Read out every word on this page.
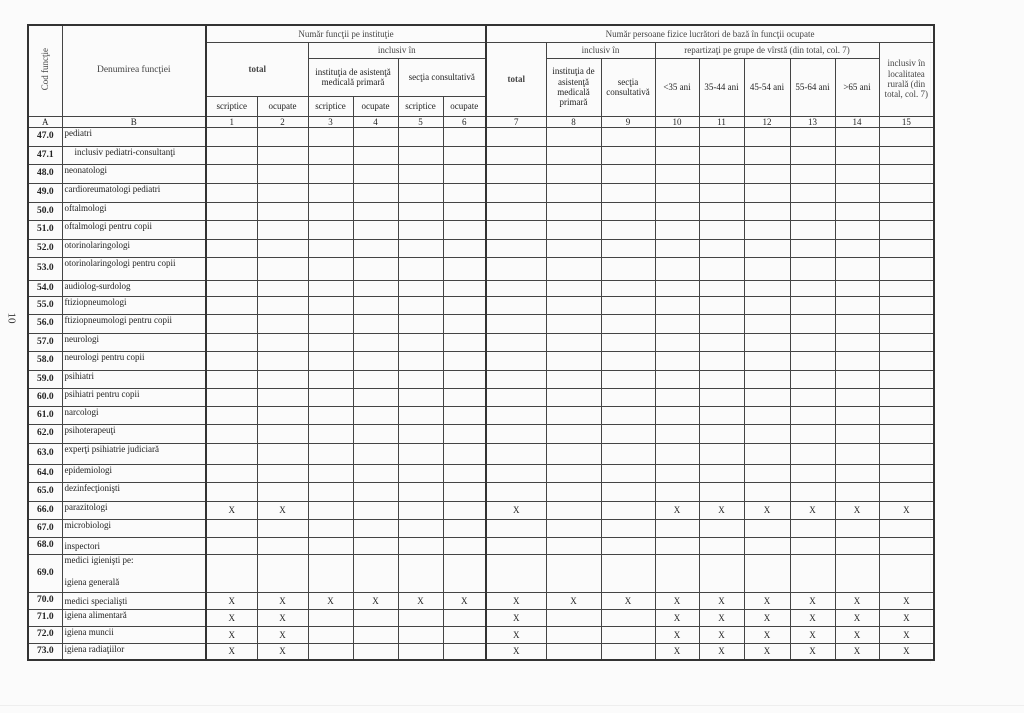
10
Cod funcţie	Denumirea funcţiei	Număr funcţii pe instituţie						Număr persoane fizice lucrători de bază în funcţii ocupate								
		total		inclusiv în				total	inclusiv în		repartizaţi pe grupe de vîrstă (din total, col. 7)					inclusiv în localitatea rurală (din total, col. 7)
				instituţia de asistenţă medicală primară		secţia consultativă			instituţia de asistenţă medicală primară	secţia consultativă	<35 ani	35-44 ani	45-54 ani	55-64 ani	>65 ani	
		scriptice	ocupate	scriptice	ocupate	scriptice	ocupate									
A	B	1	2	3	4	5	6	7	8	9	10	11	12	13	14	15
47.0	pediatri															

47.1	inclusiv pediatri-consultanţi															

48.0	neonatologi															

49.0	cardioreumatologi pediatri															

50.0	oftalmologi															

51.0	oftalmologi pentru copii															

52.0	otorinolaringologi															

53.0	otorinolaringologi pentru copii															

54.0	audiolog-surdolog															

55.0	ftiziopneumologi															

56.0	ftiziopneumologi pentru copii															

57.0	neurologi															

58.0	neurologi pentru copii															

59.0	psihiatri															

60.0	psihiatri pentru copii															

61.0	narcologi															

62.0	psihoterapeuţi															

63.0	experţi psihiatrie judiciară															

64.0	epidemiologi															

65.0	dezinfecţionişti															

66.0	parazitologi	X	X					X			X	X	X	X	X	X
67.0	microbiologi															

68.0	inspectori															

69.0	medici igienişti pe:
igiena generală															

70.0	medici specialişti	X	X	X	X	X	X	X	X	X	X	X	X	X	X	X
71.0	igiena alimentară	X	X					X			X	X	X	X	X	X
72.0	igiena muncii	X	X					X			X	X	X	X	X	X
73.0	igiena radiaţiilor	X	X					X			X	X	X	X	X	X
